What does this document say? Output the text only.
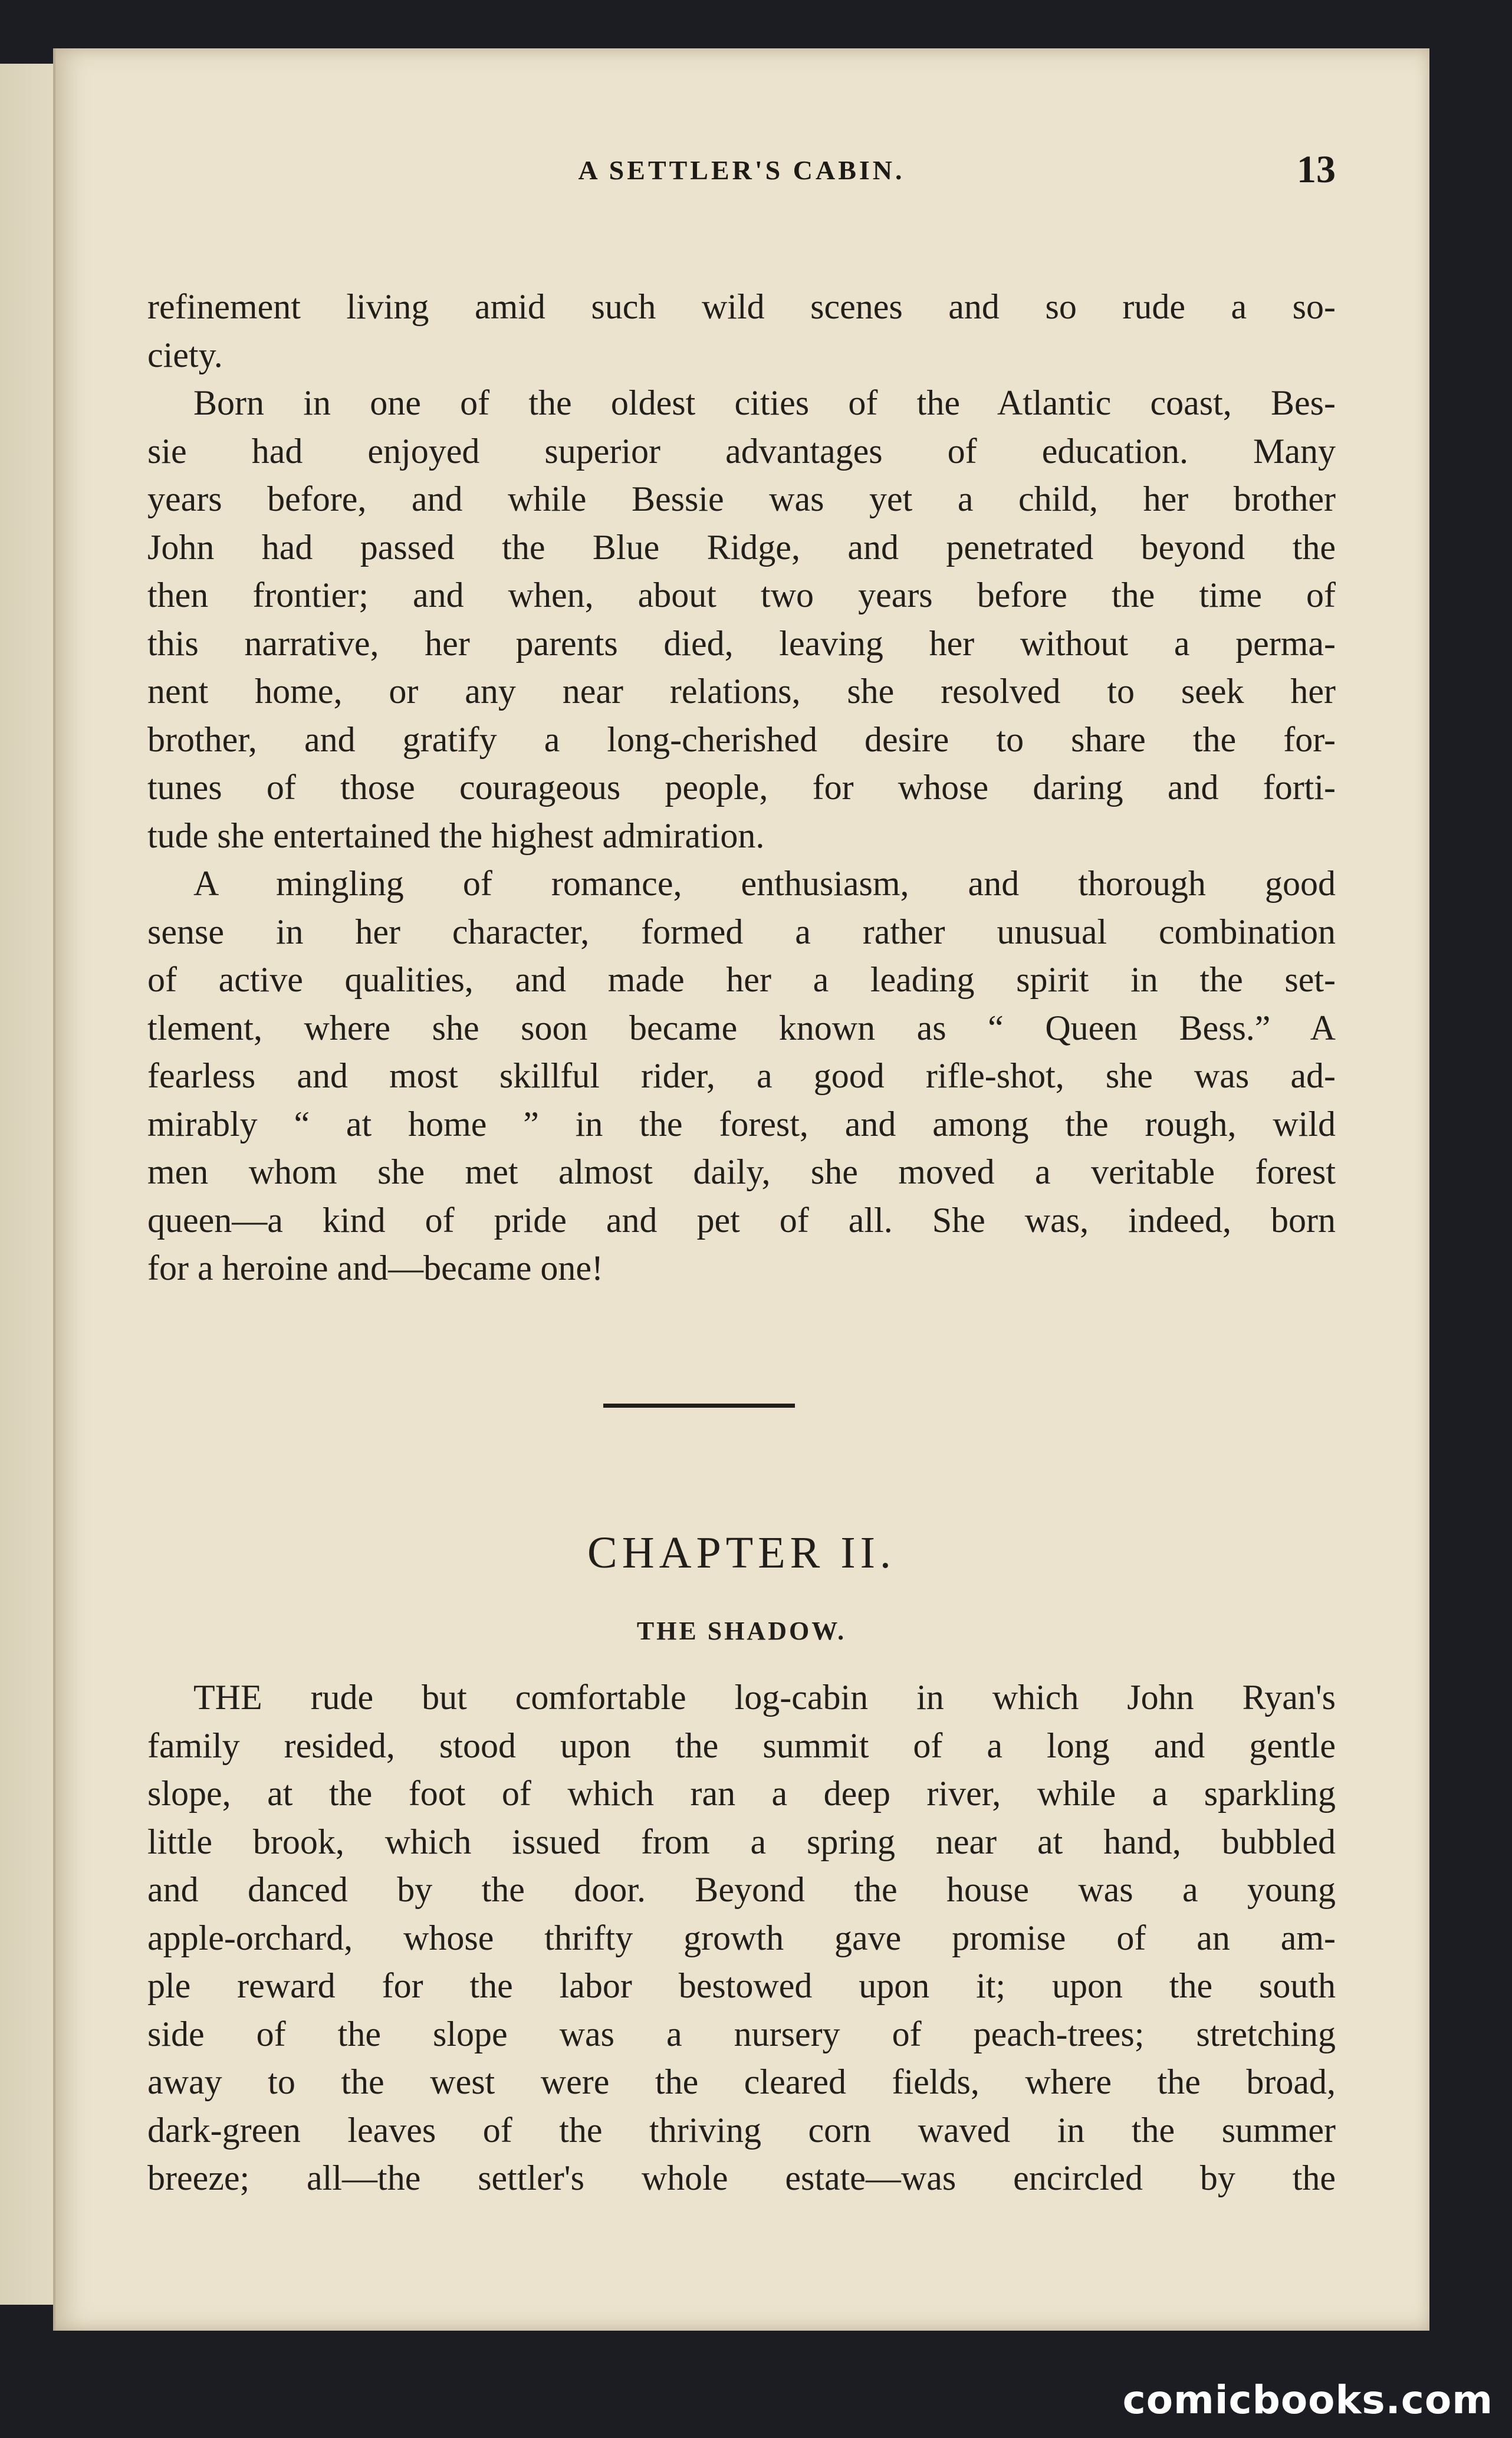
A SETTLER'S CABIN.	13
refinement living amid such wild scenes and so rude a so-
ciety.
Born in one of the oldest cities of the Atlantic coast, Bes-
sie had enjoyed superior advantages of education. Many
years before, and while Bessie was yet a child, her brother
John had passed the Blue Ridge, and penetrated beyond the
then frontier; and when, about two years before the time of
this narrative, her parents died, leaving her without a perma-
nent home, or any near relations, she resolved to seek her
brother, and gratify a long-cherished desire to share the for-
tunes of those courageous people, for whose daring and forti-
tude she entertained the highest admiration.
A mingling of romance, enthusiasm, and thorough good
sense in her character, formed a rather unusual combination
of active qualities, and made her a leading spirit in the set-
tlement, where she soon became known as “ Queen Bess.” A
fearless and most skillful rider, a good rifle-shot, she was ad-
mirably “ at home ” in the forest, and among the rough, wild
men whom she met almost daily, she moved a veritable forest
queen—a kind of pride and pet of all. She was, indeed, born
for a heroine and—became one!
CHAPTER II.
THE SHADOW.
THE rude but comfortable log-cabin in which John Ryan's
family resided, stood upon the summit of a long and gentle
slope, at the foot of which ran a deep river, while a sparkling
little brook, which issued from a spring near at hand, bubbled
and danced by the door. Beyond the house was a young
apple-orchard, whose thrifty growth gave promise of an am-
ple reward for the labor bestowed upon it; upon the south
side of the slope was a nursery of peach-trees; stretching
away to the west were the cleared fields, where the broad,
dark-green leaves of the thriving corn waved in the summer
breeze; all—the settler's whole estate—was encircled by the
comicbooks.com
